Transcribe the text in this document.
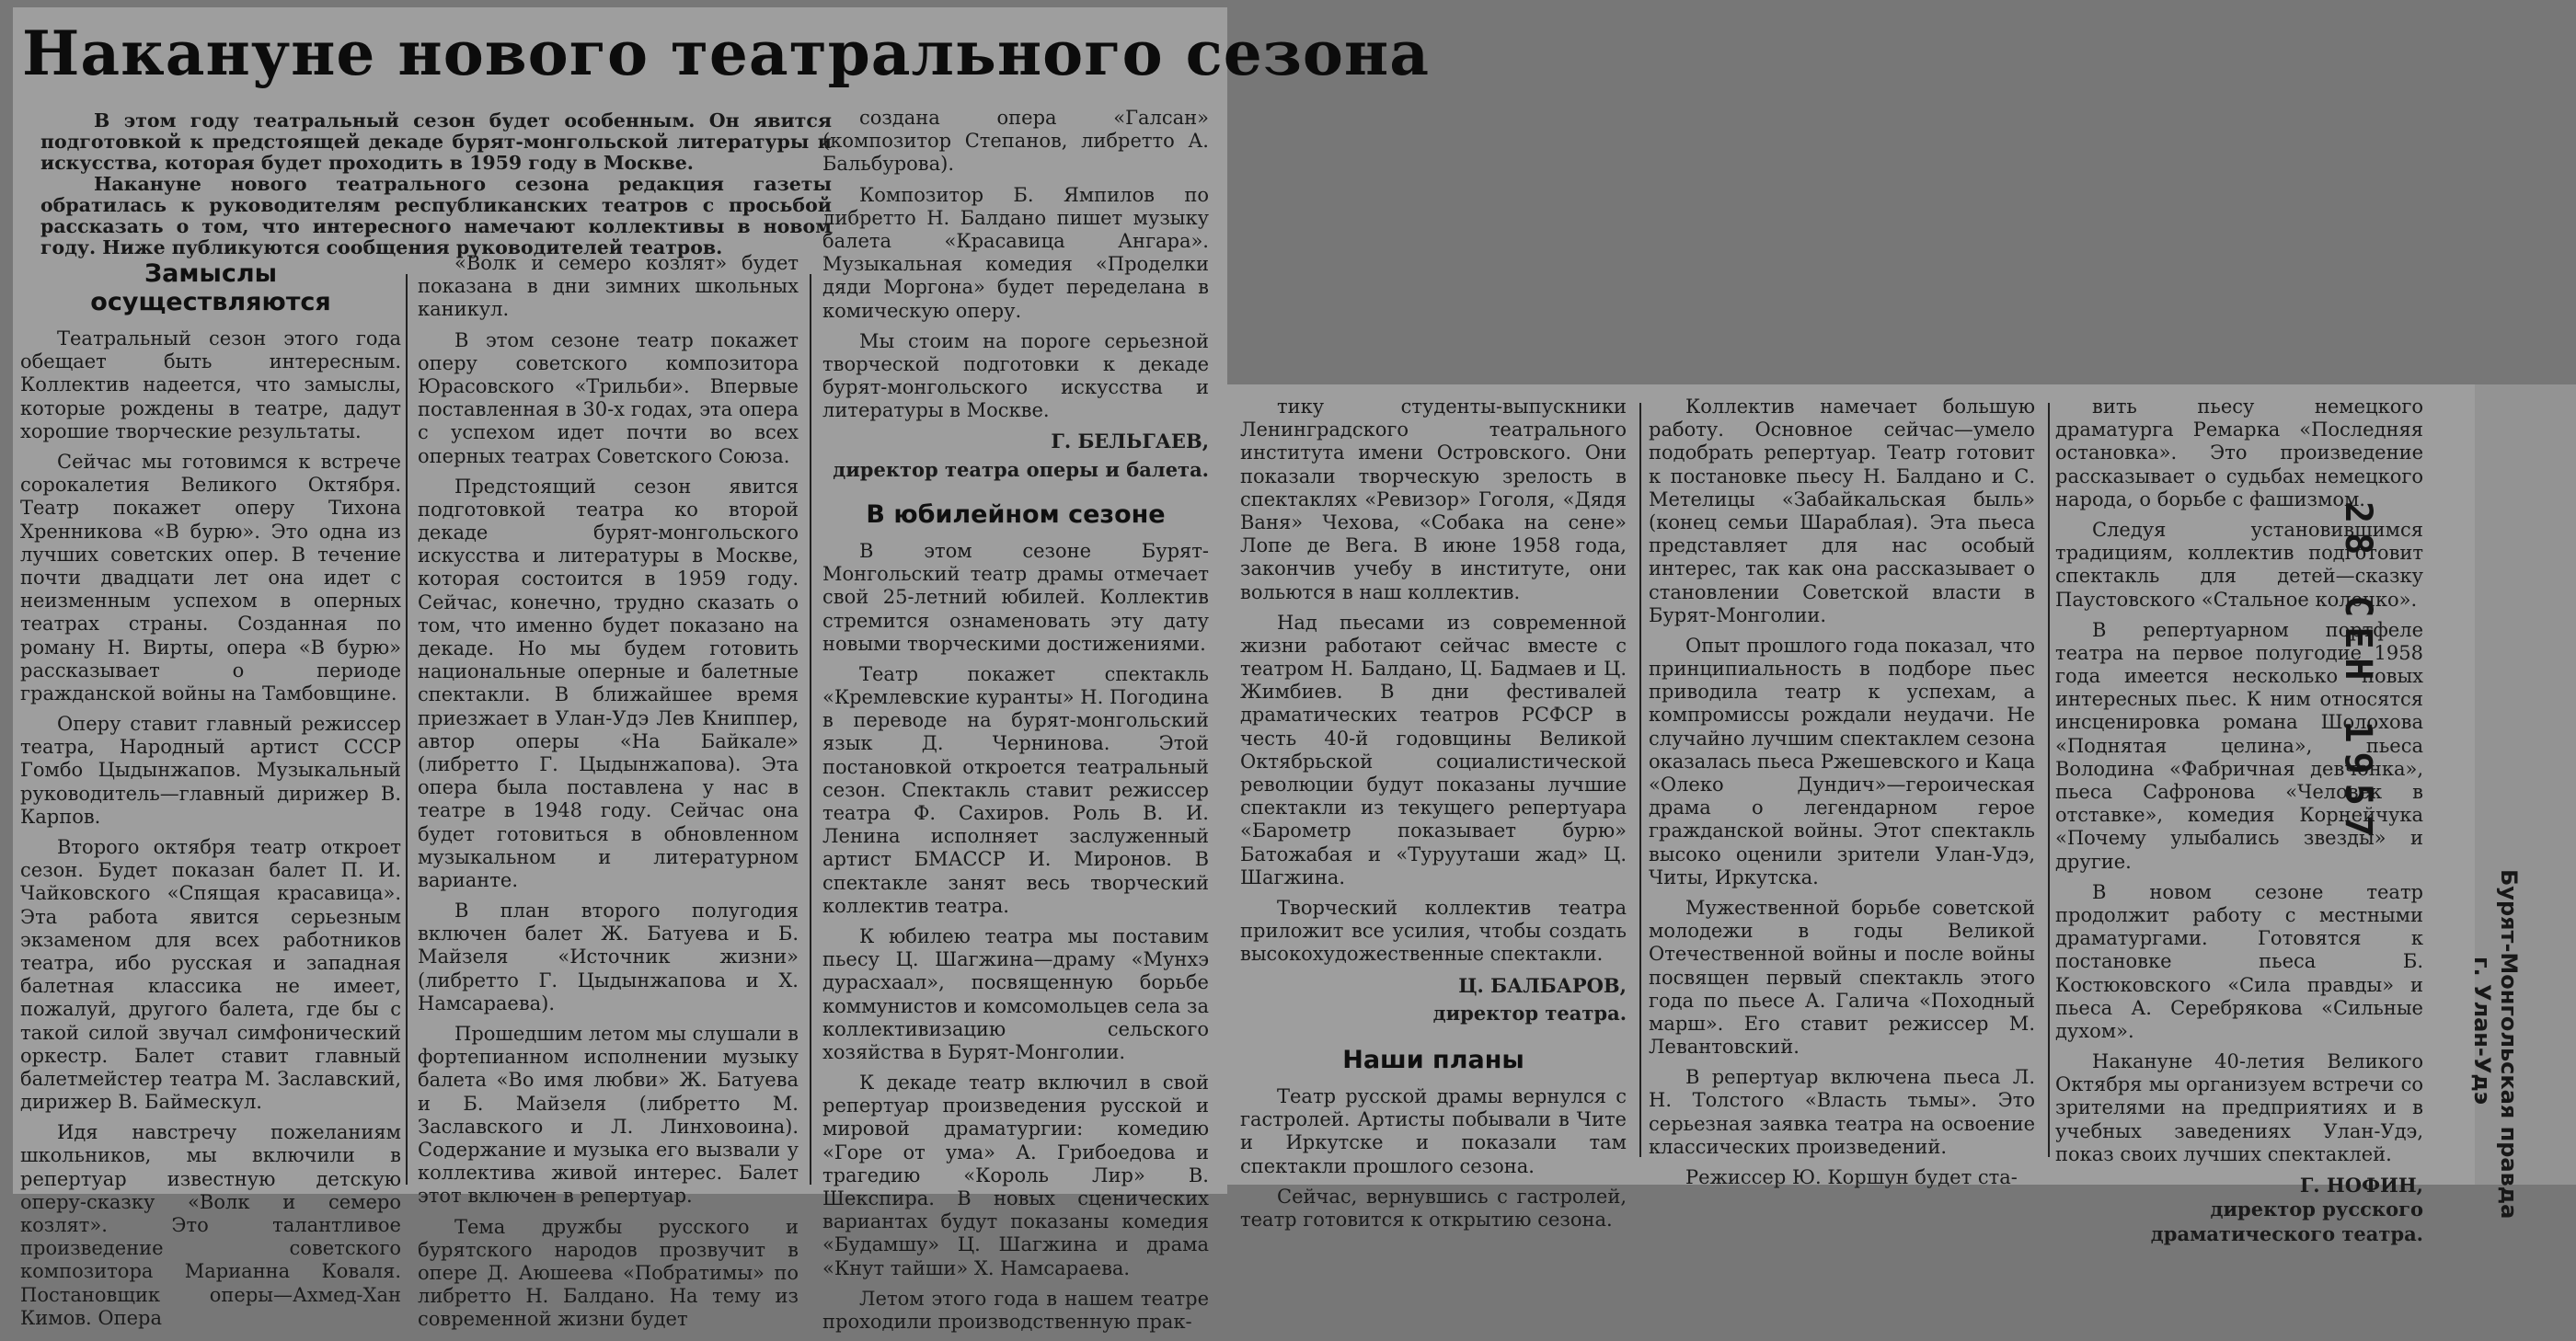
Накануне нового театрального сезона

В этом году театральный сезон будет особенным. Он явится подготовкой к предстоящей декаде бурят-монгольской литературы и искусства, которая будет проходить в 1959 году в Москве.

Накануне нового театрального сезона редакция газеты обратилась к руководителям республиканских театров с просьбой рассказать о том, что интересного намечают коллективы в новом году. Ниже публикуются сообщения руководителей театров.

Замыслы
осуществляются

Театральный сезон этого года обещает быть интересным. Коллектив надеется, что замыслы, которые рождены в театре, дадут хорошие творческие результаты.

Сейчас мы готовимся к встрече сорокалетия Великого Октября. Театр покажет оперу Тихона Хренникова «В бурю». Это одна из лучших советских опер. В течение почти двадцати лет она идет с неизменным успехом в оперных театрах страны. Созданная по роману Н. Вирты, опера «В бурю» рассказывает о периоде гражданской войны на Тамбовщине.

Оперу ставит главный режиссер театра, Народный артист СССР Гомбо Цыдынжапов. Музыкальный руководитель—главный дирижер В. Карпов.

Второго октября театр откроет сезон. Будет показан балет П. И. Чайковского «Спящая красавица». Эта работа явится серьезным экзаменом для всех работников театра, ибо русская и западная балетная классика не имеет, пожалуй, другого балета, где бы с такой силой звучал симфонический оркестр. Балет ставит главный балетмейстер театра М. Заславский, дирижер В. Баймескул.

Идя навстречу пожеланиям школьников, мы включили в репертуар известную детскую оперу-сказку «Волк и семеро козлят». Это талантливое произведение советского композитора Марианна Коваля. Постановщик оперы—Ахмед-Хан Кимов. Опера

«Волк и семеро козлят» будет показана в дни зимних школьных каникул.

В этом сезоне театр покажет оперу советского композитора Юрасовского «Трильби». Впервые поставленная в 30-х годах, эта опера с успехом идет почти во всех оперных театрах Советского Союза.

Предстоящий сезон явится подготовкой театра ко второй декаде бурят-монгольского искусства и литературы в Москве, которая состоится в 1959 году. Сейчас, конечно, трудно сказать о том, что именно будет показано на декаде. Но мы будем готовить национальные оперные и балетные спектакли. В ближайшее время приезжает в Улан-Удэ Лев Книппер, автор оперы «На Байкале» (либретто Г. Цыдынжапова). Эта опера была поставлена у нас в театре в 1948 году. Сейчас она будет готовиться в обновленном музыкальном и литературном варианте.

В план второго полугодия включен балет Ж. Батуева и Б. Майзеля «Источник жизни» (либретто Г. Цыдынжапова и Х. Намсараева).

Прошедшим летом мы слушали в фортепианном исполнении музыку балета «Во имя любви» Ж. Батуева и Б. Майзеля (либретто М. Заславского и Л. Линховоина). Содержание и музыка его вызвали у коллектива живой интерес. Балет этот включен в репертуар.

Тема дружбы русского и бурятского народов прозвучит в опере Д. Аюшеева «Побратимы» по либретто Н. Балдано. На тему из современной жизни будет

создана опера «Галсан» (композитор Степанов, либретто А. Бальбурова).

Композитор Б. Ямпилов по либретто Н. Балдано пишет музыку балета «Красавица Ангара». Музыкальная комедия «Проделки дяди Моргона» будет переделана в комическую оперу.

Мы стоим на пороге серьезной творческой подготовки к декаде бурят-монгольского искусства и литературы в Москве.

Г. БЕЛЬГАЕВ,
директор театра оперы и балета.
В юбилейном сезоне

В этом сезоне Бурят-Монгольский театр драмы отмечает свой 25-летний юбилей. Коллектив стремится ознаменовать эту дату новыми творческими достижениями.

Театр покажет спектакль «Кремлевские куранты» Н. Погодина в переводе на бурят-монгольский язык Д. Чернинова. Этой постановкой откроется театральный сезон. Спектакль ставит режиссер театра Ф. Сахиров. Роль В. И. Ленина исполняет заслуженный артист БМАССР И. Миронов. В спектакле занят весь творческий коллектив театра.

К юбилею театра мы поставим пьесу Ц. Шагжина—драму «Мунхэ дурасхаал», посвященную борьбе коммунистов и комсомольцев села за коллективизацию сельского хозяйства в Бурят-Монголии.

К декаде театр включил в свой репертуар произведения русской и мировой драматургии: комедию «Горе от ума» А. Грибоедова и трагедию «Король Лир» В. Шекспира. В новых сценических вариантах будут показаны комедия «Будамшу» Ц. Шагжина и драма «Кнут тайши» Х. Намсараева.

Летом этого года в нашем театре проходили производственную прак-

тику студенты-выпускники Ленинградского театрального института имени Островского. Они показали творческую зрелость в спектаклях «Ревизор» Гоголя, «Дядя Ваня» Чехова, «Собака на сене» Лопе де Вега. В июне 1958 года, закончив учебу в институте, они вольются в наш коллектив.

Над пьесами из современной жизни работают сейчас вместе с театром Н. Балдано, Ц. Бадмаев и Ц. Жимбиев. В дни фестивалей драматических театров РСФСР в честь 40-й годовщины Великой Октябрьской социалистической революции будут показаны лучшие спектакли из текущего репертуара «Барометр показывает бурю» Батожабая и «Турууташи жад» Ц. Шагжина.

Творческий коллектив театра приложит все усилия, чтобы создать высокохудожественные спектакли.

Ц. БАЛБАРОВ,
директор театра.
Наши планы

Театр русской драмы вернулся с гастролей. Артисты побывали в Чите и Иркутске и показали там спектакли прошлого сезона.

Сейчас, вернувшись с гастролей, театр готовится к открытию сезона.

Коллектив намечает большую работу. Основное сейчас—умело подобрать репертуар. Театр готовит к постановке пьесу Н. Балдано и С. Метелицы «Забайкальская быль» (конец семьи Шараблая). Эта пьеса представляет для нас особый интерес, так как она рассказывает о становлении Советской власти в Бурят-Монголии.

Опыт прошлого года показал, что принципиальность в подборе пьес приводила театр к успехам, а компромиссы рождали неудачи. Не случайно лучшим спектаклем сезона оказалась пьеса Ржешевского и Каца «Олеко Дундич»—героическая драма о легендарном герое гражданской войны. Этот спектакль высоко оценили зрители Улан-Удэ, Читы, Иркутска.

Мужественной борьбе советской молодежи в годы Великой Отечественной войны и после войны посвящен первый спектакль этого года по пьесе А. Галича «Походный марш». Его ставит режиссер М. Левантовский.

В репертуар включена пьеса Л. Н. Толстого «Власть тьмы». Это серьезная заявка театра на освоение классических произведений.

Режиссер Ю. Коршун будет ста-

вить пьесу немецкого драматурга Ремарка «Последняя остановка». Это произведение рассказывает о судьбах немецкого народа, о борьбе с фашизмом.

Следуя установившимся традициям, коллектив подготовит спектакль для детей—сказку Паустовского «Стальное колечко».

В репертуарном портфеле театра на первое полугодие 1958 года имеется несколько новых интересных пьес. К ним относятся инсценировка романа Шолохова «Поднятая целина», пьеса Володина «Фабричная девчонка», пьеса Сафронова «Человек в отставке», комедия Корнейчука «Почему улыбались звезды» и другие.

В новом сезоне театр продолжит работу с местными драматургами. Готовятся к постановке пьеса Б. Костюковского «Сила правды» и пьеса А. Серебрякова «Сильные духом».

Накануне 40-летия Великого Октября мы организуем встречи со зрителями на предприятиях и в учебных заведениях Улан-Удэ, показ своих лучших спектаклей.

Г. НОФИН,
директор русского
драматического театра.
28 СЕН 1957
Бурят-Монгольская правда
г. Улан-Удэ
